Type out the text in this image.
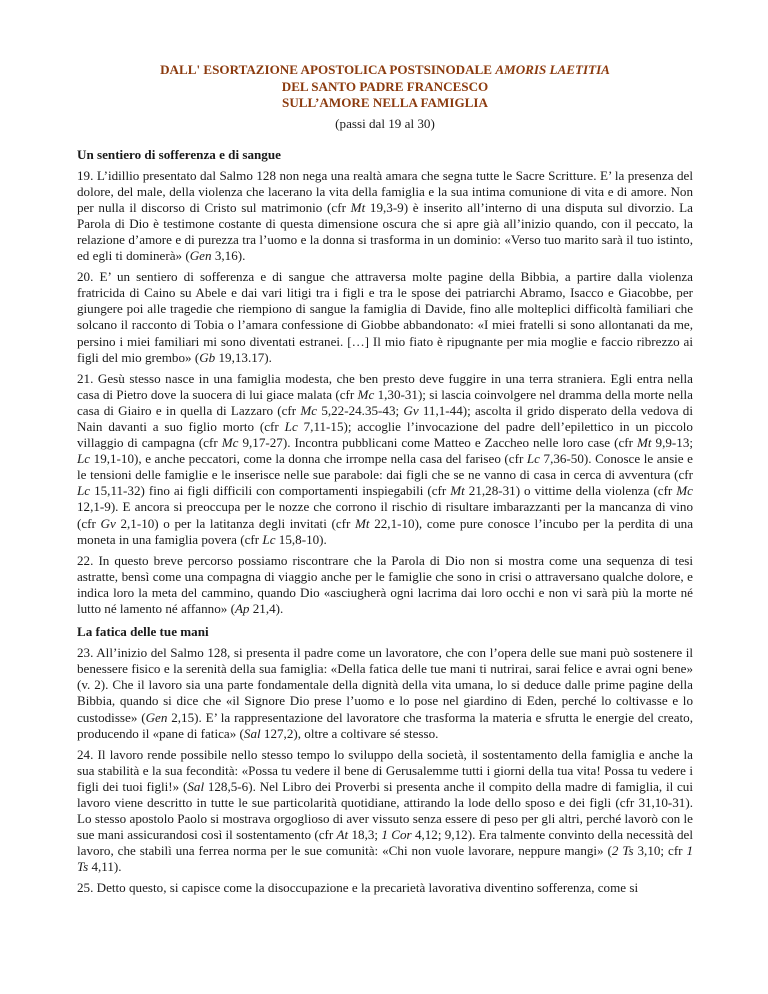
DALL' ESORTAZIONE APOSTOLICA POSTSINODALE AMORIS LAETITIA
DEL SANTO PADRE FRANCESCO
SULL’AMORE NELLA FAMIGLIA
(passi dal 19 al 30)
Un sentiero di sofferenza e di sangue

19. L’idillio presentato dal Salmo 128 non nega una realtà amara che segna tutte le Sacre Scritture. E’ la presenza del dolore, del male, della violenza che lacerano la vita della famiglia e la sua intima comunione di vita e di amore. Non per nulla il discorso di Cristo sul matrimonio (cfr Mt 19,3-9) è inserito all’interno di una disputa sul divorzio. La Parola di Dio è testimone costante di questa dimensione oscura che si apre già all’inizio quando, con il peccato, la relazione d’amore e di purezza tra l’uomo e la donna si trasforma in un dominio: «Verso tuo marito sarà il tuo istinto, ed egli ti dominerà» (Gen 3,16).

20. E’ un sentiero di sofferenza e di sangue che attraversa molte pagine della Bibbia, a partire dalla violenza fratricida di Caino su Abele e dai vari litigi tra i figli e tra le spose dei patriarchi Abramo, Isacco e Giacobbe, per giungere poi alle tragedie che riempiono di sangue la famiglia di Davide, fino alle molteplici difficoltà familiari che solcano il racconto di Tobia o l’amara confessione di Giobbe abbandonato: «I miei fratelli si sono allontanati da me, persino i miei familiari mi sono diventati estranei. […] Il mio fiato è ripugnante per mia moglie e faccio ribrezzo ai figli del mio grembo» (Gb 19,13.17).

21. Gesù stesso nasce in una famiglia modesta, che ben presto deve fuggire in una terra straniera. Egli entra nella casa di Pietro dove la suocera di lui giace malata (cfr Mc 1,30-31); si lascia coinvolgere nel dramma della morte nella casa di Giairo e in quella di Lazzaro (cfr Mc 5,22-24.35-43; Gv 11,1-44); ascolta il grido disperato della vedova di Nain davanti a suo figlio morto (cfr Lc 7,11-15); accoglie l’invocazione del padre dell’epilettico in un piccolo villaggio di campagna (cfr Mc 9,17-27). Incontra pubblicani come Matteo e Zaccheo nelle loro case (cfr Mt 9,9-13; Lc 19,1-10), e anche peccatori, come la donna che irrompe nella casa del fariseo (cfr Lc 7,36-50). Conosce le ansie e le tensioni delle famiglie e le inserisce nelle sue parabole: dai figli che se ne vanno di casa in cerca di avventura (cfr Lc 15,11-32) fino ai figli difficili con comportamenti inspiegabili (cfr Mt 21,28-31) o vittime della violenza (cfr Mc 12,1-9). E ancora si preoccupa per le nozze che corrono il rischio di risultare imbarazzanti per la mancanza di vino (cfr Gv 2,1-10) o per la latitanza degli invitati (cfr Mt 22,1-10), come pure conosce l’incubo per la perdita di una moneta in una famiglia povera (cfr Lc 15,8-10).

22. In questo breve percorso possiamo riscontrare che la Parola di Dio non si mostra come una sequenza di tesi astratte, bensì come una compagna di viaggio anche per le famiglie che sono in crisi o attraversano qualche dolore, e indica loro la meta del cammino, quando Dio «asciugherà ogni lacrima dai loro occhi e non vi sarà più la morte né lutto né lamento né affanno» (Ap 21,4).

La fatica delle tue mani

23. All’inizio del Salmo 128, si presenta il padre come un lavoratore, che con l’opera delle sue mani può sostenere il benessere fisico e la serenità della sua famiglia: «Della fatica delle tue mani ti nutrirai, sarai felice e avrai ogni bene» (v. 2). Che il lavoro sia una parte fondamentale della dignità della vita umana, lo si deduce dalle prime pagine della Bibbia, quando si dice che «il Signore Dio prese l’uomo e lo pose nel giardino di Eden, perché lo coltivasse e lo custodisse» (Gen 2,15). E’ la rappresentazione del lavoratore che trasforma la materia e sfrutta le energie del creato, producendo il «pane di fatica» (Sal 127,2), oltre a coltivare sé stesso.

24. Il lavoro rende possibile nello stesso tempo lo sviluppo della società, il sostentamento della famiglia e anche la sua stabilità e la sua fecondità: «Possa tu vedere il bene di Gerusalemme tutti i giorni della tua vita! Possa tu vedere i figli dei tuoi figli!» (Sal 128,5-6). Nel Libro dei Proverbi si presenta anche il compito della madre di famiglia, il cui lavoro viene descritto in tutte le sue particolarità quotidiane, attirando la lode dello sposo e dei figli (cfr 31,10-31). Lo stesso apostolo Paolo si mostrava orgoglioso di aver vissuto senza essere di peso per gli altri, perché lavorò con le sue mani assicurandosi così il sostentamento (cfr At 18,3; 1 Cor 4,12; 9,12). Era talmente convinto della necessità del lavoro, che stabilì una ferrea norma per le sue comunità: «Chi non vuole lavorare, neppure mangi» (2 Ts 3,10; cfr 1 Ts 4,11).

25. Detto questo, si capisce come la disoccupazione e la precarietà lavorativa diventino sofferenza, come si
